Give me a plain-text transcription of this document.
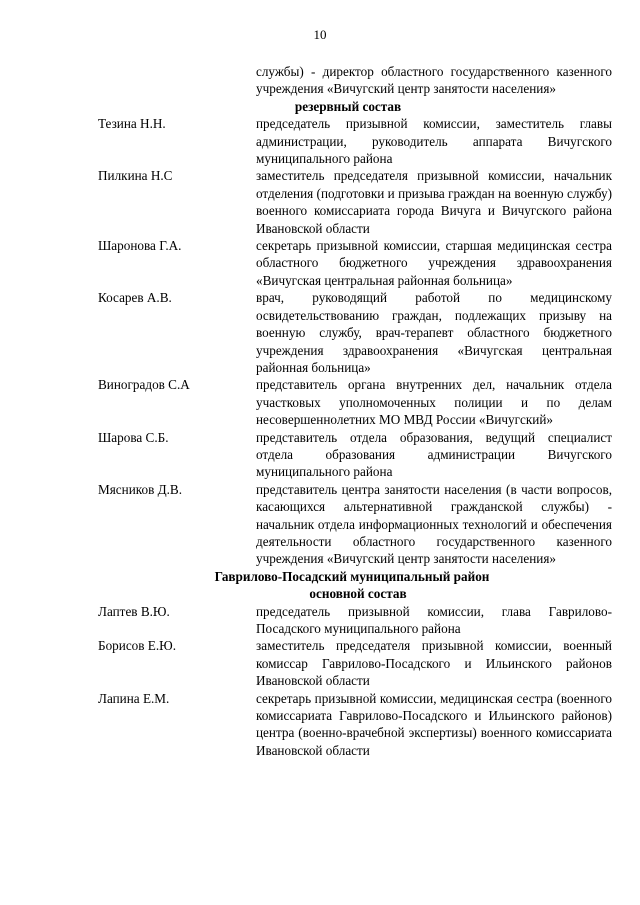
10
службы) - директор областного государственного казенного учреждения «Вичугский центр занятости населения»
резервный состав
Тезина Н.Н.	председатель призывной комиссии, заместитель главы администрации, руководитель аппарата Вичугского муниципального района
Пилкина Н.С	заместитель председателя призывной комиссии, начальник отделения (подготовки и призыва граждан на военную службу) военного комиссариата города Вичуга и Вичугского района Ивановской области
Шаронова Г.А.	секретарь призывной комиссии, старшая медицинская сестра областного бюджетного учреждения здравоохранения «Вичугская центральная районная больница»
Косарев А.В.	врач, руководящий работой по медицинскому освидетельствованию граждан, подлежащих призыву на военную службу, врач-терапевт областного бюджетного учреждения здравоохранения «Вичугская центральная районная больница»
Виноградов С.А	представитель органа внутренних дел, начальник отдела участковых уполномоченных полиции и по делам несовершеннолетних МО МВД России «Вичугский»
Шарова С.Б.	представитель отдела образования, ведущий специалист отдела образования администрации Вичугского муниципального района
Мясников Д.В.	представитель центра занятости населения (в части вопросов, касающихся альтернативной гражданской службы) - начальник отдела информационных технологий и обеспечения деятельности областного государственного казенного учреждения «Вичугский центр занятости населения»
Гаврилово-Посадский муниципальный район
основной состав
Лаптев В.Ю.	председатель призывной комиссии, глава Гаврилово-Посадского муниципального района
Борисов Е.Ю.	заместитель председателя призывной комиссии, военный комиссар Гаврилово-Посадского и Ильинского районов Ивановской области
Лапина Е.М.	секретарь призывной комиссии, медицинская сестра (военного комиссариата Гаврилово-Посадского и Ильинского районов) центра (военно-врачебной экспертизы) военного комиссариата Ивановской области
